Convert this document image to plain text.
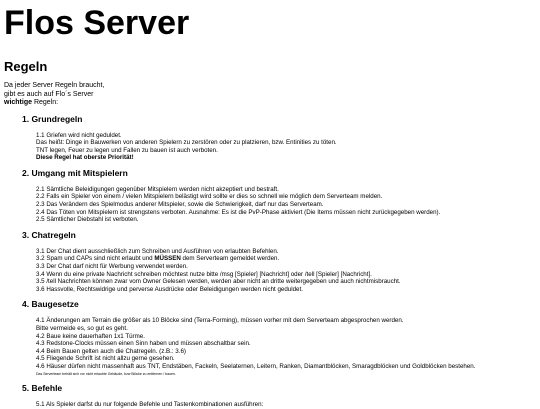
Flos Server
Regeln
Da jeder Server Regeln braucht,
gibt es auch auf Flo´s Server
wichtige Regeln:
1. Grundregeln
1.1 Griefen wird nicht geduldet.
Das heißt: Dinge in Bauwerken von anderen Spielern zu zerstören oder zu platzieren, bzw. Entinities zu töten.
TNT legen, Feuer zu legen und Fallen zu bauen ist auch verboten.
Diese Regel hat oberste Priorität!
2. Umgang mit Mitspielern
2.1 Sämtliche Beleidigungen gegenüber Mitspielern werden nicht akzeptiert und bestraft.
2.2 Falls ein Spieler von einem / vielen Mitspielern belästigt wird sollte er dies so schnell wie möglich dem Serverteam melden.
2.3 Das Verändern des Spielmodus anderer Mitspieler, sowie die Schwierigkeit, darf nur das Serverteam.
2.4 Das Töten von Mitspielern ist strengstens verboten. Ausnahme: Es ist die PvP-Phase aktiviert (Die Items müssen nicht zurückgegeben werden).
2.5 Sämtlicher Diebstahl ist verboten.
3. Chatregeln
3.1 Der Chat dient ausschließlich zum Schreiben und Ausführen von erlaubten Befehlen.
3.2 Spam und CAPs sind nicht erlaubt und MÜSSEN dem Serverteam gemeldet werden.
3.3 Der Chat darf nicht für Werbung verwendet werden.
3.4 Wenn du eine private Nachricht schreiben möchtest nutze bitte /msg [Spieler] [Nachricht] oder /tell [Spieler] [Nachricht].
3.5 /tell Nachrichten können zwar vom Owner Gelesen werden, werden aber nicht an dritte weitergegeben und auch nichtmisbraucht.
3.6 Hassvolle, Rechtswidrige und perverse Ausdrücke oder Beleidigungen werden nicht geduldet.
4. Baugesetze
4.1 Änderungen am Terrain die größer als 10 Blöcke sind (Terra-Forming), müssen vorher mit dem Serverteam abgesprochen werden.
Bitte vermeide es, so gut es geht.
4.2 Baue keine dauerhaften 1x1 Türme.
4.3 Redstone-Clocks müssen einen Sinn haben und müssen abschaltbar sein.
4.4 Beim Bauen gelten auch die Chatregeln. (z.B.: 3.6)
4.5 Fliegende Schrift ist nicht allzu gerne gesehen.
4.6 Häuser dürfen nicht massenhaft aus TNT, Endstäben, Fackeln, Seelaternen, Leitern, Ranken, Diamantblöcken, Smaragdblöcken und Goldblöcken bestehen.
Das Serverteam behält sich vor nicht erlaubte Gebäude, bzw Blöcke zu entfernen / bauen.
5. Befehle
5.1 Als Spieler darfst du nur folgende Befehle und Tastenkombinationen ausführen:
